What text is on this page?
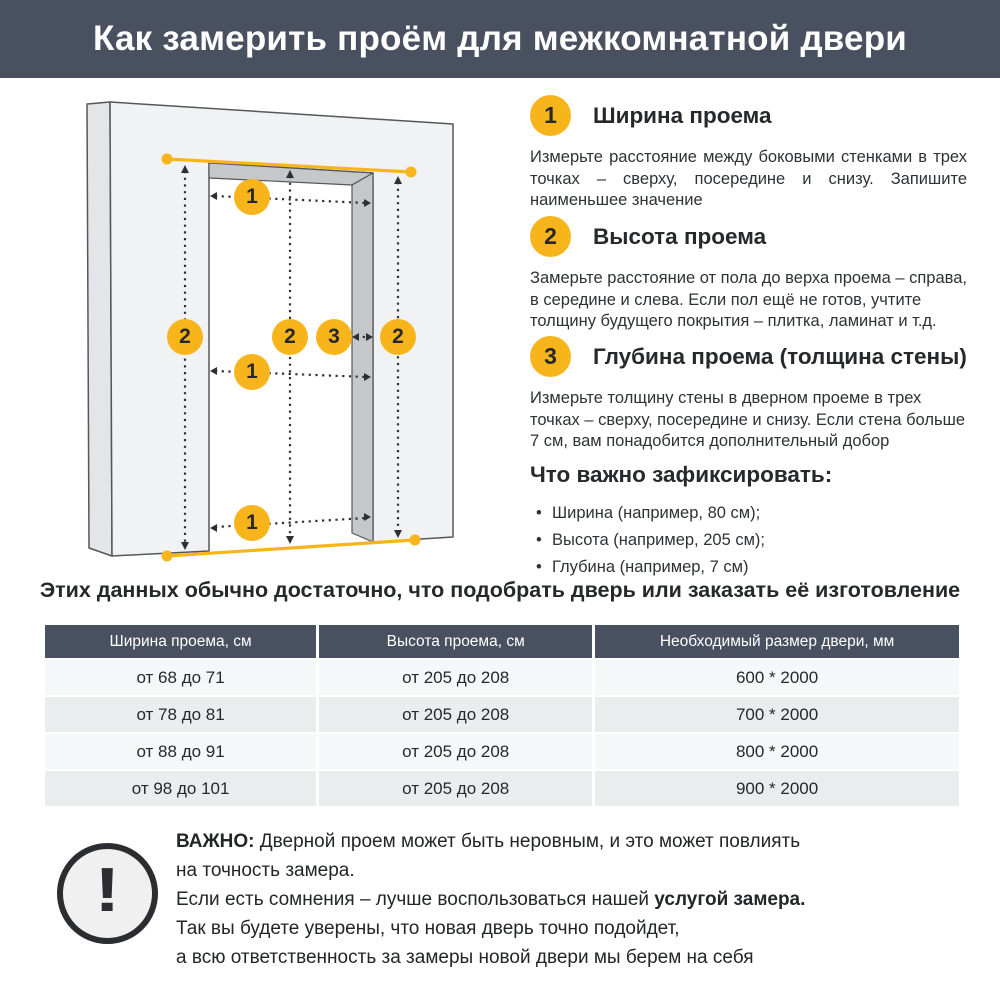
Как замерить проём для межкомнатной двери
1
1
1
2	2	3	2
1	Ширина проема
Измерьте расстояние между боковыми стенками в трех точках – сверху, посередине и снизу. Запишите наименьшее значение
2	Высота проема
Замерьте расстояние от пола до верха проема – справа, в середине и слева. Если пол ещё не готов, учтите толщину будущего покрытия – плитка, ламинат и т.д.
3	Глубина проема (толщина стены)
Измерьте толщину стены в дверном проеме в трех точках – сверху, посередине и снизу. Если стена больше 7 см, вам понадобится дополнительный добор
Что важно зафиксировать:
• Ширина (например, 80 см);
• Высота (например, 205 см);
• Глубина (например, 7 см)
Этих данных обычно достаточно, что подобрать дверь или заказать её изготовление
Ширина проема, см	Высота проема, см	Необходимый размер двери, мм
от 68 до 71	от 205 до 208	600 * 2000
от 78 до 81	от 205 до 208	700 * 2000
от 88 до 91	от 205 до 208	800 * 2000
от 98 до 101	от 205 до 208	900 * 2000
!
ВАЖНО: Дверной проем может быть неровным, и это может повлиять
на точность замера.
Если есть сомнения – лучше воспользоваться нашей услугой замера.
Так вы будете уверены, что новая дверь точно подойдет,
а всю ответственность за замеры новой двери мы берем на себя
